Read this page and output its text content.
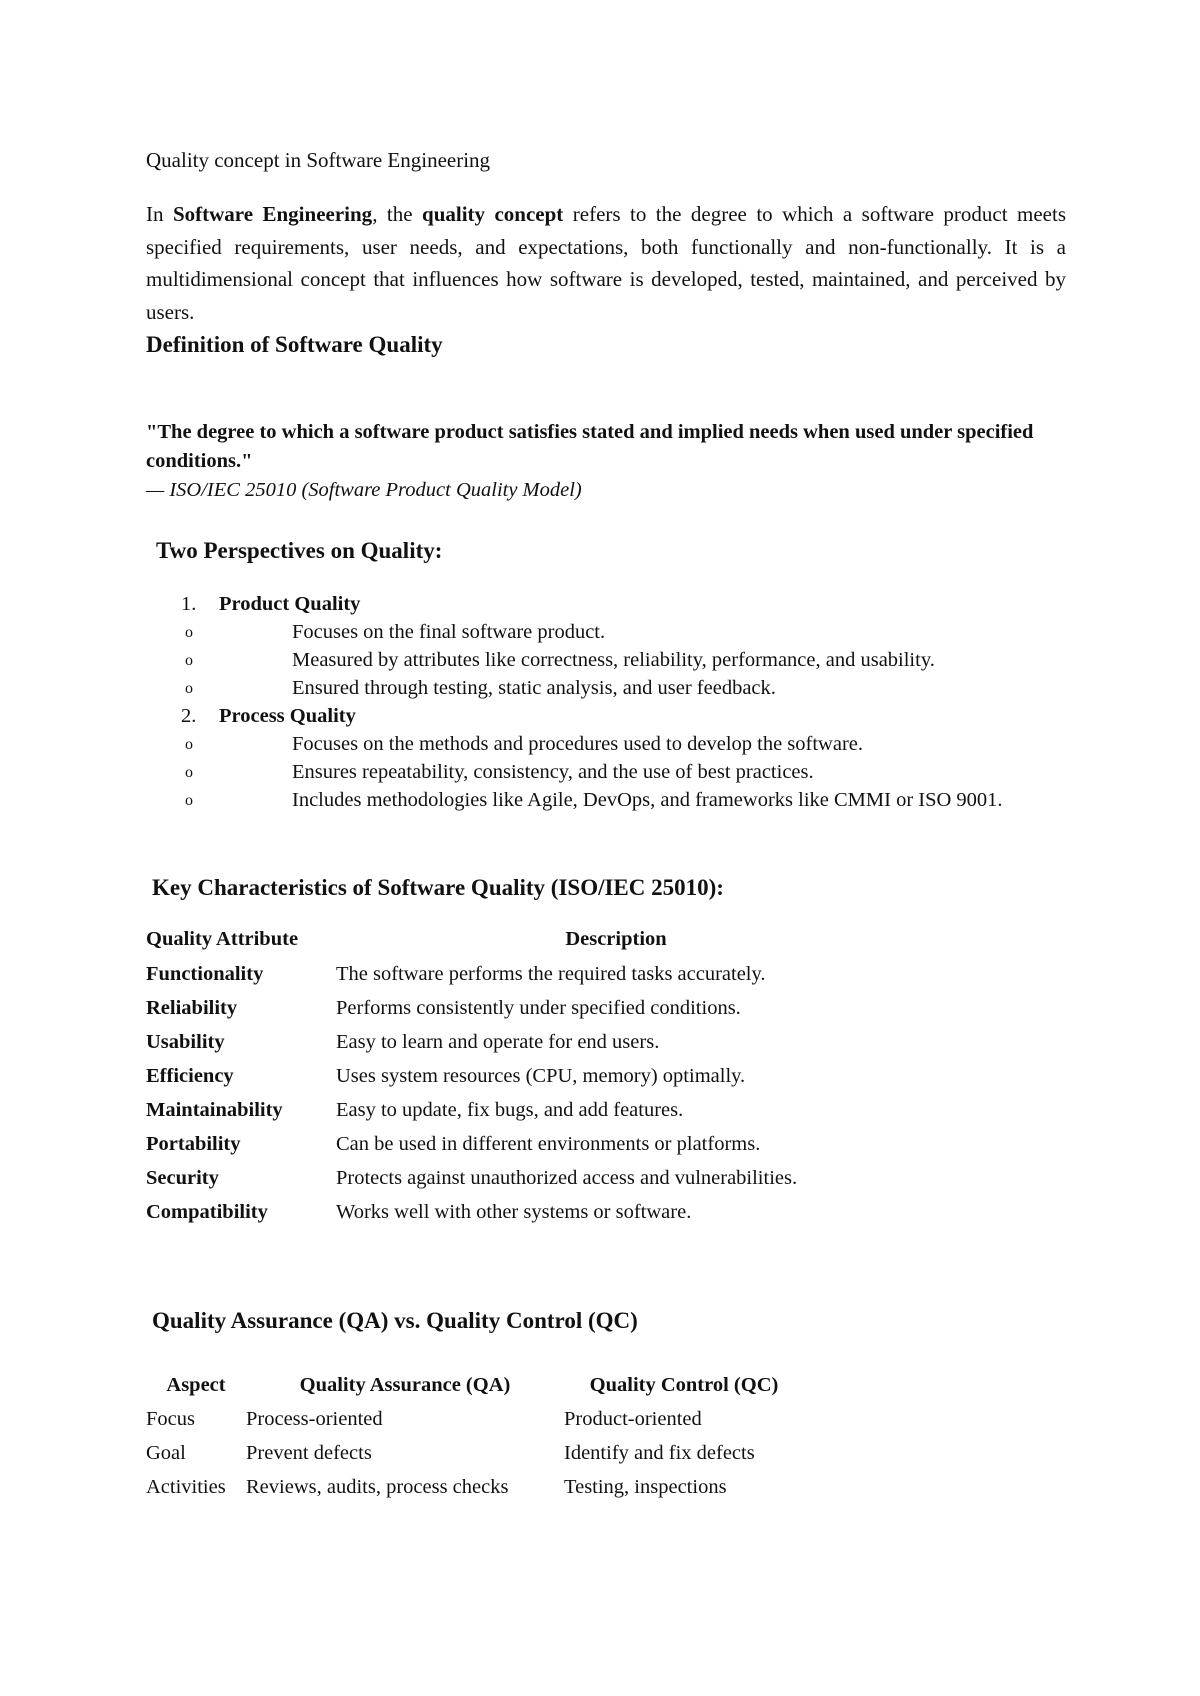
Quality concept in Software Engineering
In Software Engineering, the quality concept refers to the degree to which a software product meets specified requirements, user needs, and expectations, both functionally and non-functionally. It is a multidimensional concept that influences how software is developed, tested, maintained, and perceived by users.
Definition of Software Quality
"The degree to which a software product satisfies stated and implied needs when used under specified conditions."
— ISO/IEC 25010 (Software Product Quality Model)
Two Perspectives on Quality:
1. Product Quality
o	Focuses on the final software product.
o	Measured by attributes like correctness, reliability, performance, and usability.
o	Ensured through testing, static analysis, and user feedback.
2. Process Quality
o	Focuses on the methods and procedures used to develop the software.
o	Ensures repeatability, consistency, and the use of best practices.
o	Includes methodologies like Agile, DevOps, and frameworks like CMMI or ISO 9001.
Key Characteristics of Software Quality (ISO/IEC 25010):
Quality Attribute	Description
Functionality	The software performs the required tasks accurately.
Reliability	Performs consistently under specified conditions.
Usability	Easy to learn and operate for end users.
Efficiency	Uses system resources (CPU, memory) optimally.
Maintainability	Easy to update, fix bugs, and add features.
Portability	Can be used in different environments or platforms.
Security	Protects against unauthorized access and vulnerabilities.
Compatibility	Works well with other systems or software.
Quality Assurance (QA) vs. Quality Control (QC)
Aspect	Quality Assurance (QA)	Quality Control (QC)
Focus	Process-oriented	Product-oriented
Goal	Prevent defects	Identify and fix defects
Activities	Reviews, audits, process checks	Testing, inspections
